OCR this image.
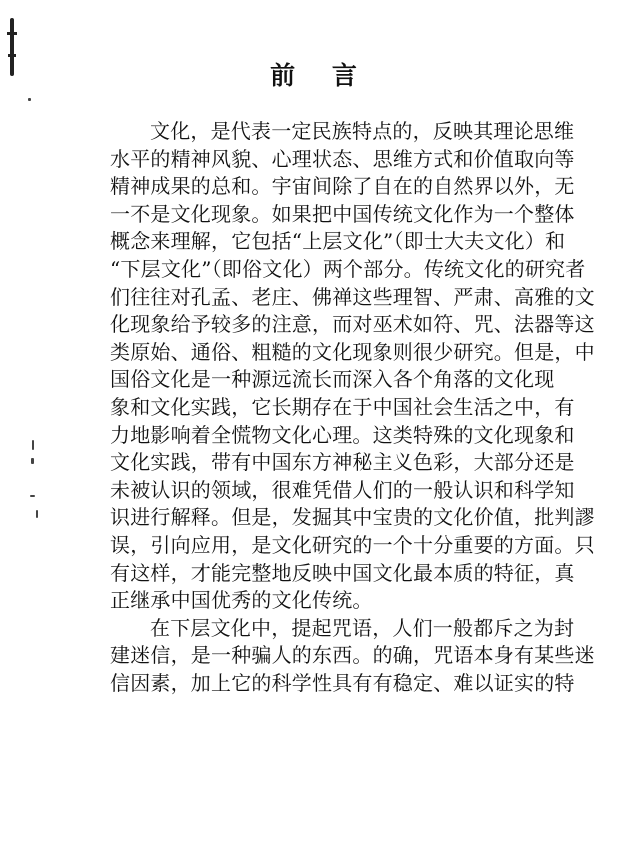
前 言
文化，是代表一定民族特点的，反映其理论思维
水平的精神风貌、心理状态、思维方式和价值取向等
精神成果的总和。宇宙间除了自在的自然界以外，无
一不是文化现象。如果把中国传统文化作为一个整体
概念来理解，它包括“上层文化”（即士大夫文化）和
“下层文化”（即俗文化）两个部分。传统文化的研究者
们往往对孔孟、老庄、佛禅这些理智、严肃、高雅的文
化现象给予较多的注意，而对巫术如符、咒、法器等这
类原始、通俗、粗糙的文化现象则很少研究。但是，中
国俗文化是一种源远流长而深入各个角落的文化现
象和文化实践，它长期存在于中国社会生活之中，有
力地影响着全慌物文化心理。这类特殊的文化现象和
文化实践，带有中国东方神秘主义色彩，大部分还是
未被认识的领域，很难凭借人们的一般认识和科学知
识进行解释。但是，发掘其中宝贵的文化价值，批判謬
误，引向应用，是文化研究的一个十分重要的方面。只
有这样，才能完整地反映中国文化最本质的特征，真
正继承中国优秀的文化传统。
在下层文化中，提起咒语，人们一般都斥之为封
建迷信，是一种骗人的东西。的确，咒语本身有某些迷
信因素，加上它的科学性具有有稳定、难以证实的特
